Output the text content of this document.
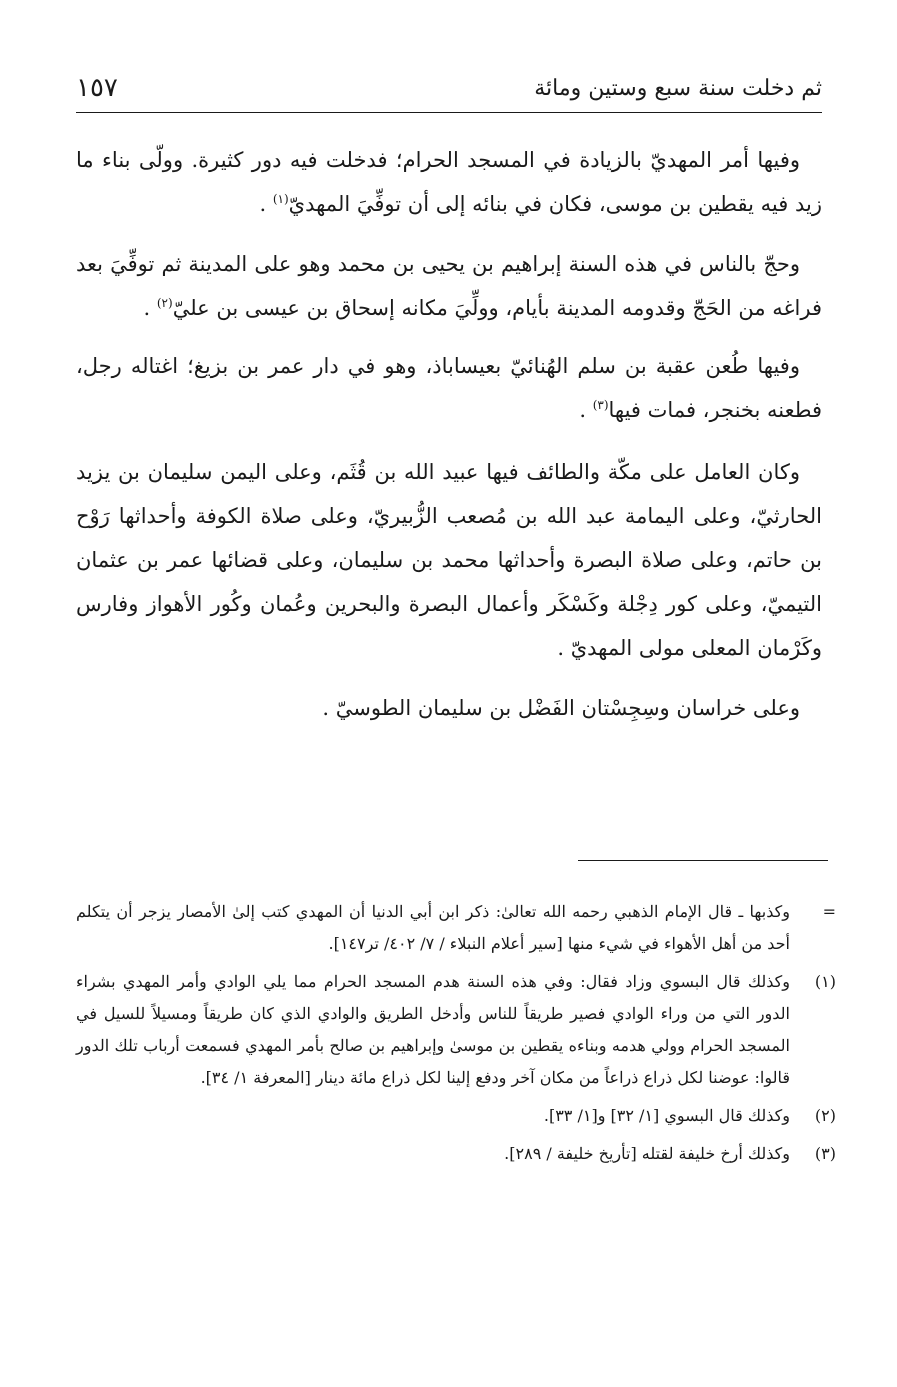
ثم دخلت سنة سبع وستين ومائة
١٥٧

وفيها أمر المهديّ بالزيادة في المسجد الحرام؛ فدخلت فيه دور كثيرة. وولّى بناء ما زيد فيه يقطين بن موسى، فكان في بنائه إلى أن توفِّيَ المهديّ$^{(١)}$ .

وحجّ بالناس في هذه السنة إبراهيم بن يحيى بن محمد وهو على المدينة ثم توفِّيَ بعد فراغه من الحَجّ وقدومه المدينة بأيام، وولِّيَ مكانه إسحاق بن عيسى بن عليّ$^{(٢)}$ .

وفيها طُعن عقبة بن سلم الهُنائيّ بعيساباذ، وهو في دار عمر بن بزيغ؛ اغتاله رجل، فطعنه بخنجر، فمات فيها$^{(٣)}$ .

وكان العامل على مكّة والطائف فيها عبيد الله بن قُثَم، وعلى اليمن سليمان بن يزيد الحارثيّ، وعلى اليمامة عبد الله بن مُصعب الزُّبيريّ، وعلى صلاة الكوفة وأحداثها رَوْح بن حاتم، وعلى صلاة البصرة وأحداثها محمد بن سليمان، وعلى قضائها عمر بن عثمان التيميّ، وعلى كور دِجْلة وكَسْكَر وأعمال البصرة والبحرين وعُمان وكُور الأهواز وفارس وكَرْمان المعلى مولى المهديّ .

وعلى خراسان وسِجِسْتان الفَضْل بن سليمان الطوسيّ .

=
وكذبها ـ قال الإمام الذهبي رحمه الله تعالىٰ: ذكر ابن أبي الدنيا أن المهدي كتب إلىٰ الأمصار يزجر أن يتكلم أحد من أهل الأهواء في شيء منها [سير أعلام النبلاء / ٧/ ٤٠٢/ تر١٤٧].
(١)
وكذلك قال البسوي وزاد فقال: وفي هذه السنة هدم المسجد الحرام مما يلي الوادي وأمر المهدي بشراء الدور التي من وراء الوادي فصير طريقاً للناس وأدخل الطريق والوادي الذي كان طريقاً ومسيلاً للسيل في المسجد الحرام وولي هدمه وبناءه يقطين بن موسىٰ وإبراهيم بن صالح بأمر المهدي فسمعت أرباب تلك الدور قالوا: عوضنا لكل ذراع ذراعاً من مكان آخر ودفع إلينا لكل ذراع مائة دينار [المعرفة ١/ ٣٤].
(٢)
وكذلك قال البسوي [١/ ٣٢] و[١/ ٣٣].
(٣)
وكذلك أرخ خليفة لقتله [تأريخ خليفة / ٢٨٩].
